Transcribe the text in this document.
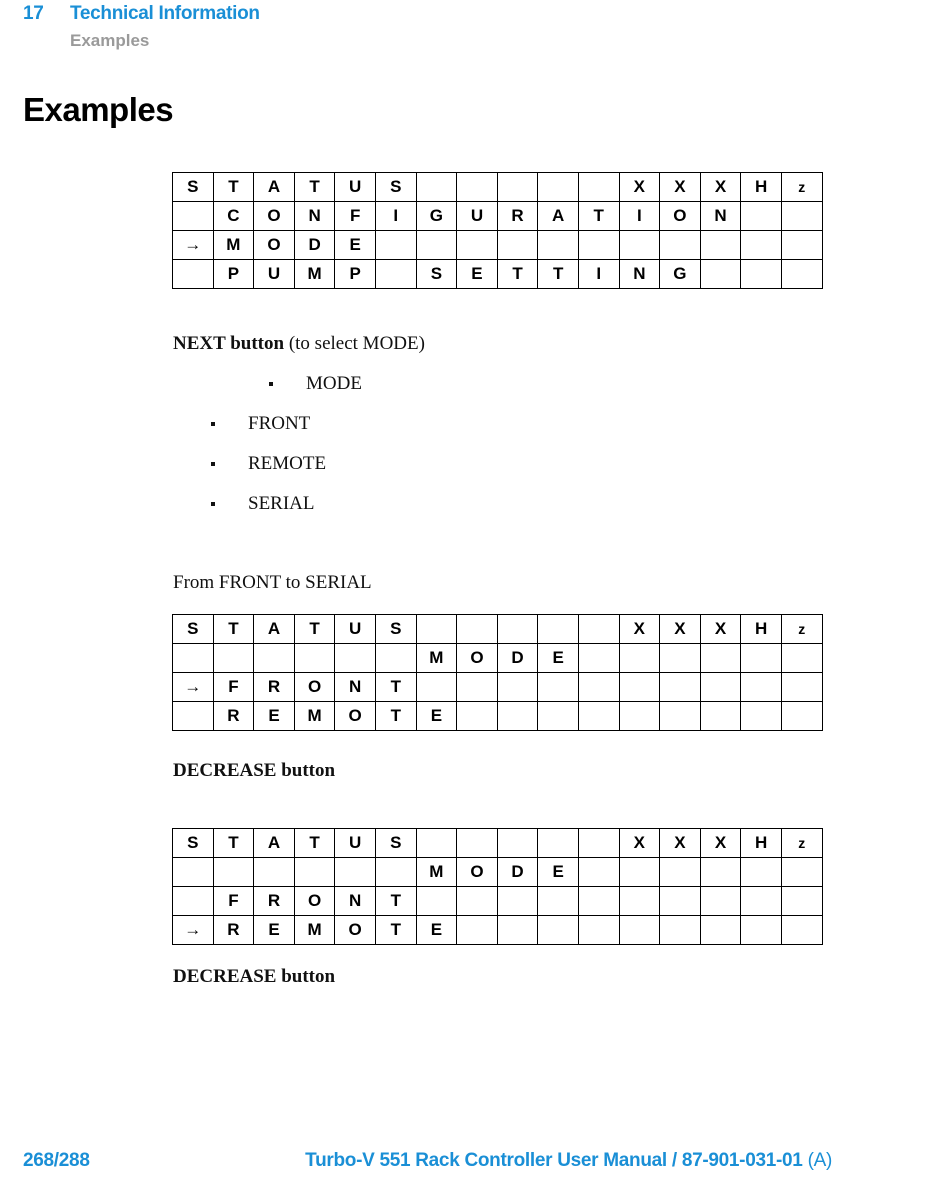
17 Technical Information
Examples
Examples
S	T	A	T	U	S						X	X	X	H	z
	C	O	N	F	I	G	U	R	A	T	I	O	N		
→	M	O	D	E											
	P	U	M	P		S	E	T	T	I	N	G			

NEXT button (to select MODE)

MODE
FRONT
REMOTE
SERIAL

From FRONT to SERIAL

S	T	A	T	U	S						X	X	X	H	z
						M	O	D	E						
→	F	R	O	N	T										
	R	E	M	O	T	E									

DECREASE button

S	T	A	T	U	S						X	X	X	H	z
						M	O	D	E						
	F	R	O	N	T										
→	R	E	M	O	T	E									

DECREASE button

268/288	Turbo-V 551 Rack Controller User Manual / 87-901-031-01 (A)
